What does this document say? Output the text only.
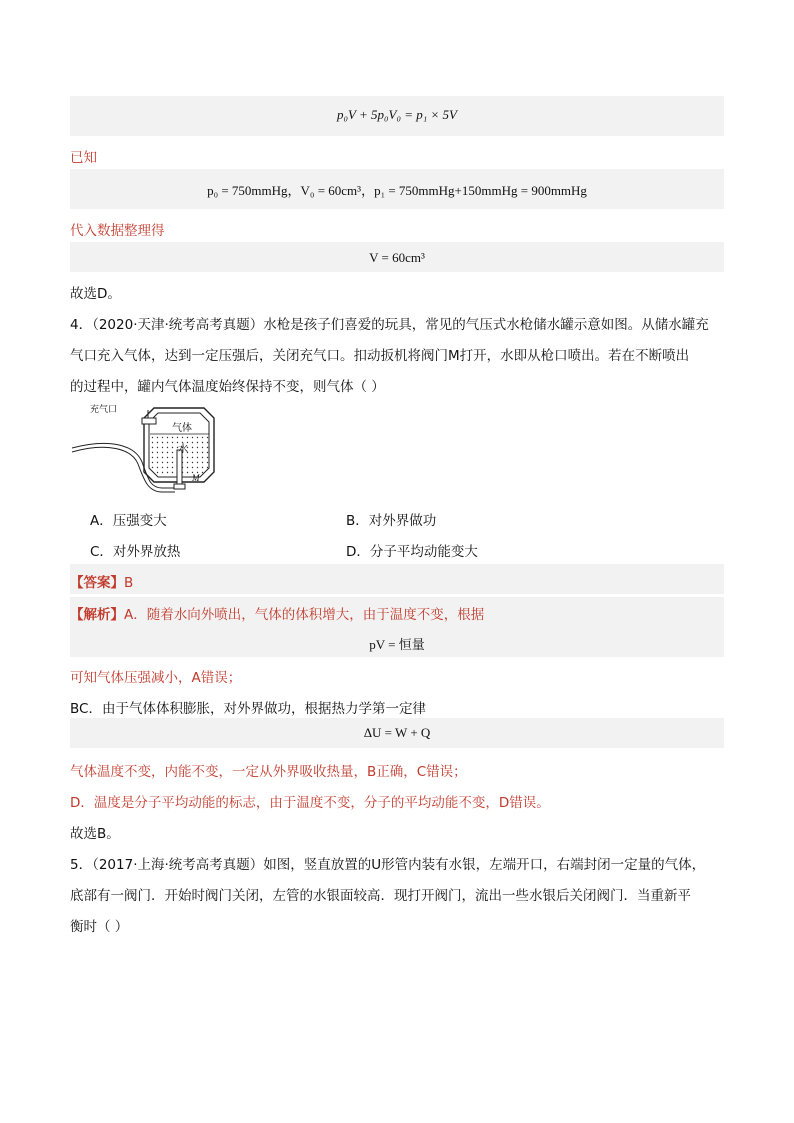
p₀V + 5p₀V₀ = p₁ × 5V
已知
p₀ = 750mmHg，V₀ = 60cm³，p₁ = 750mmHg+150mmHg = 900mmHg
代入数据整理得
V = 60cm³
故选D。
4．（2020·天津·统考高考真题）水枪是孩子们喜爱的玩具，常见的气压式水枪储水罐示意如图。从储水罐充
气口充入气体，达到一定压强后，关闭充气口。扣动扳机将阀门M打开，水即从枪口喷出。若在不断喷出
的过程中，罐内气体温度始终保持不变，则气体（ ）
充气口
气体
水
M
A．压强变大	B．对外界做功
C．对外界放热	D．分子平均动能变大
【答案】B
【解析】A．随着水向外喷出，气体的体积增大，由于温度不变，根据
pV = 恒量
可知气体压强减小，A错误；
BC．由于气体体积膨胀，对外界做功，根据热力学第一定律
ΔU = W + Q
气体温度不变，内能不变，一定从外界吸收热量，B正确，C错误；
D．温度是分子平均动能的标志，由于温度不变，分子的平均动能不变，D错误。
故选B。
5．（2017·上海·统考高考真题）如图，竖直放置的U形管内装有水银，左端开口，右端封闭一定量的气体，
底部有一阀门．开始时阀门关闭，左管的水银面较高．现打开阀门，流出一些水银后关闭阀门．当重新平
衡时（ ）
